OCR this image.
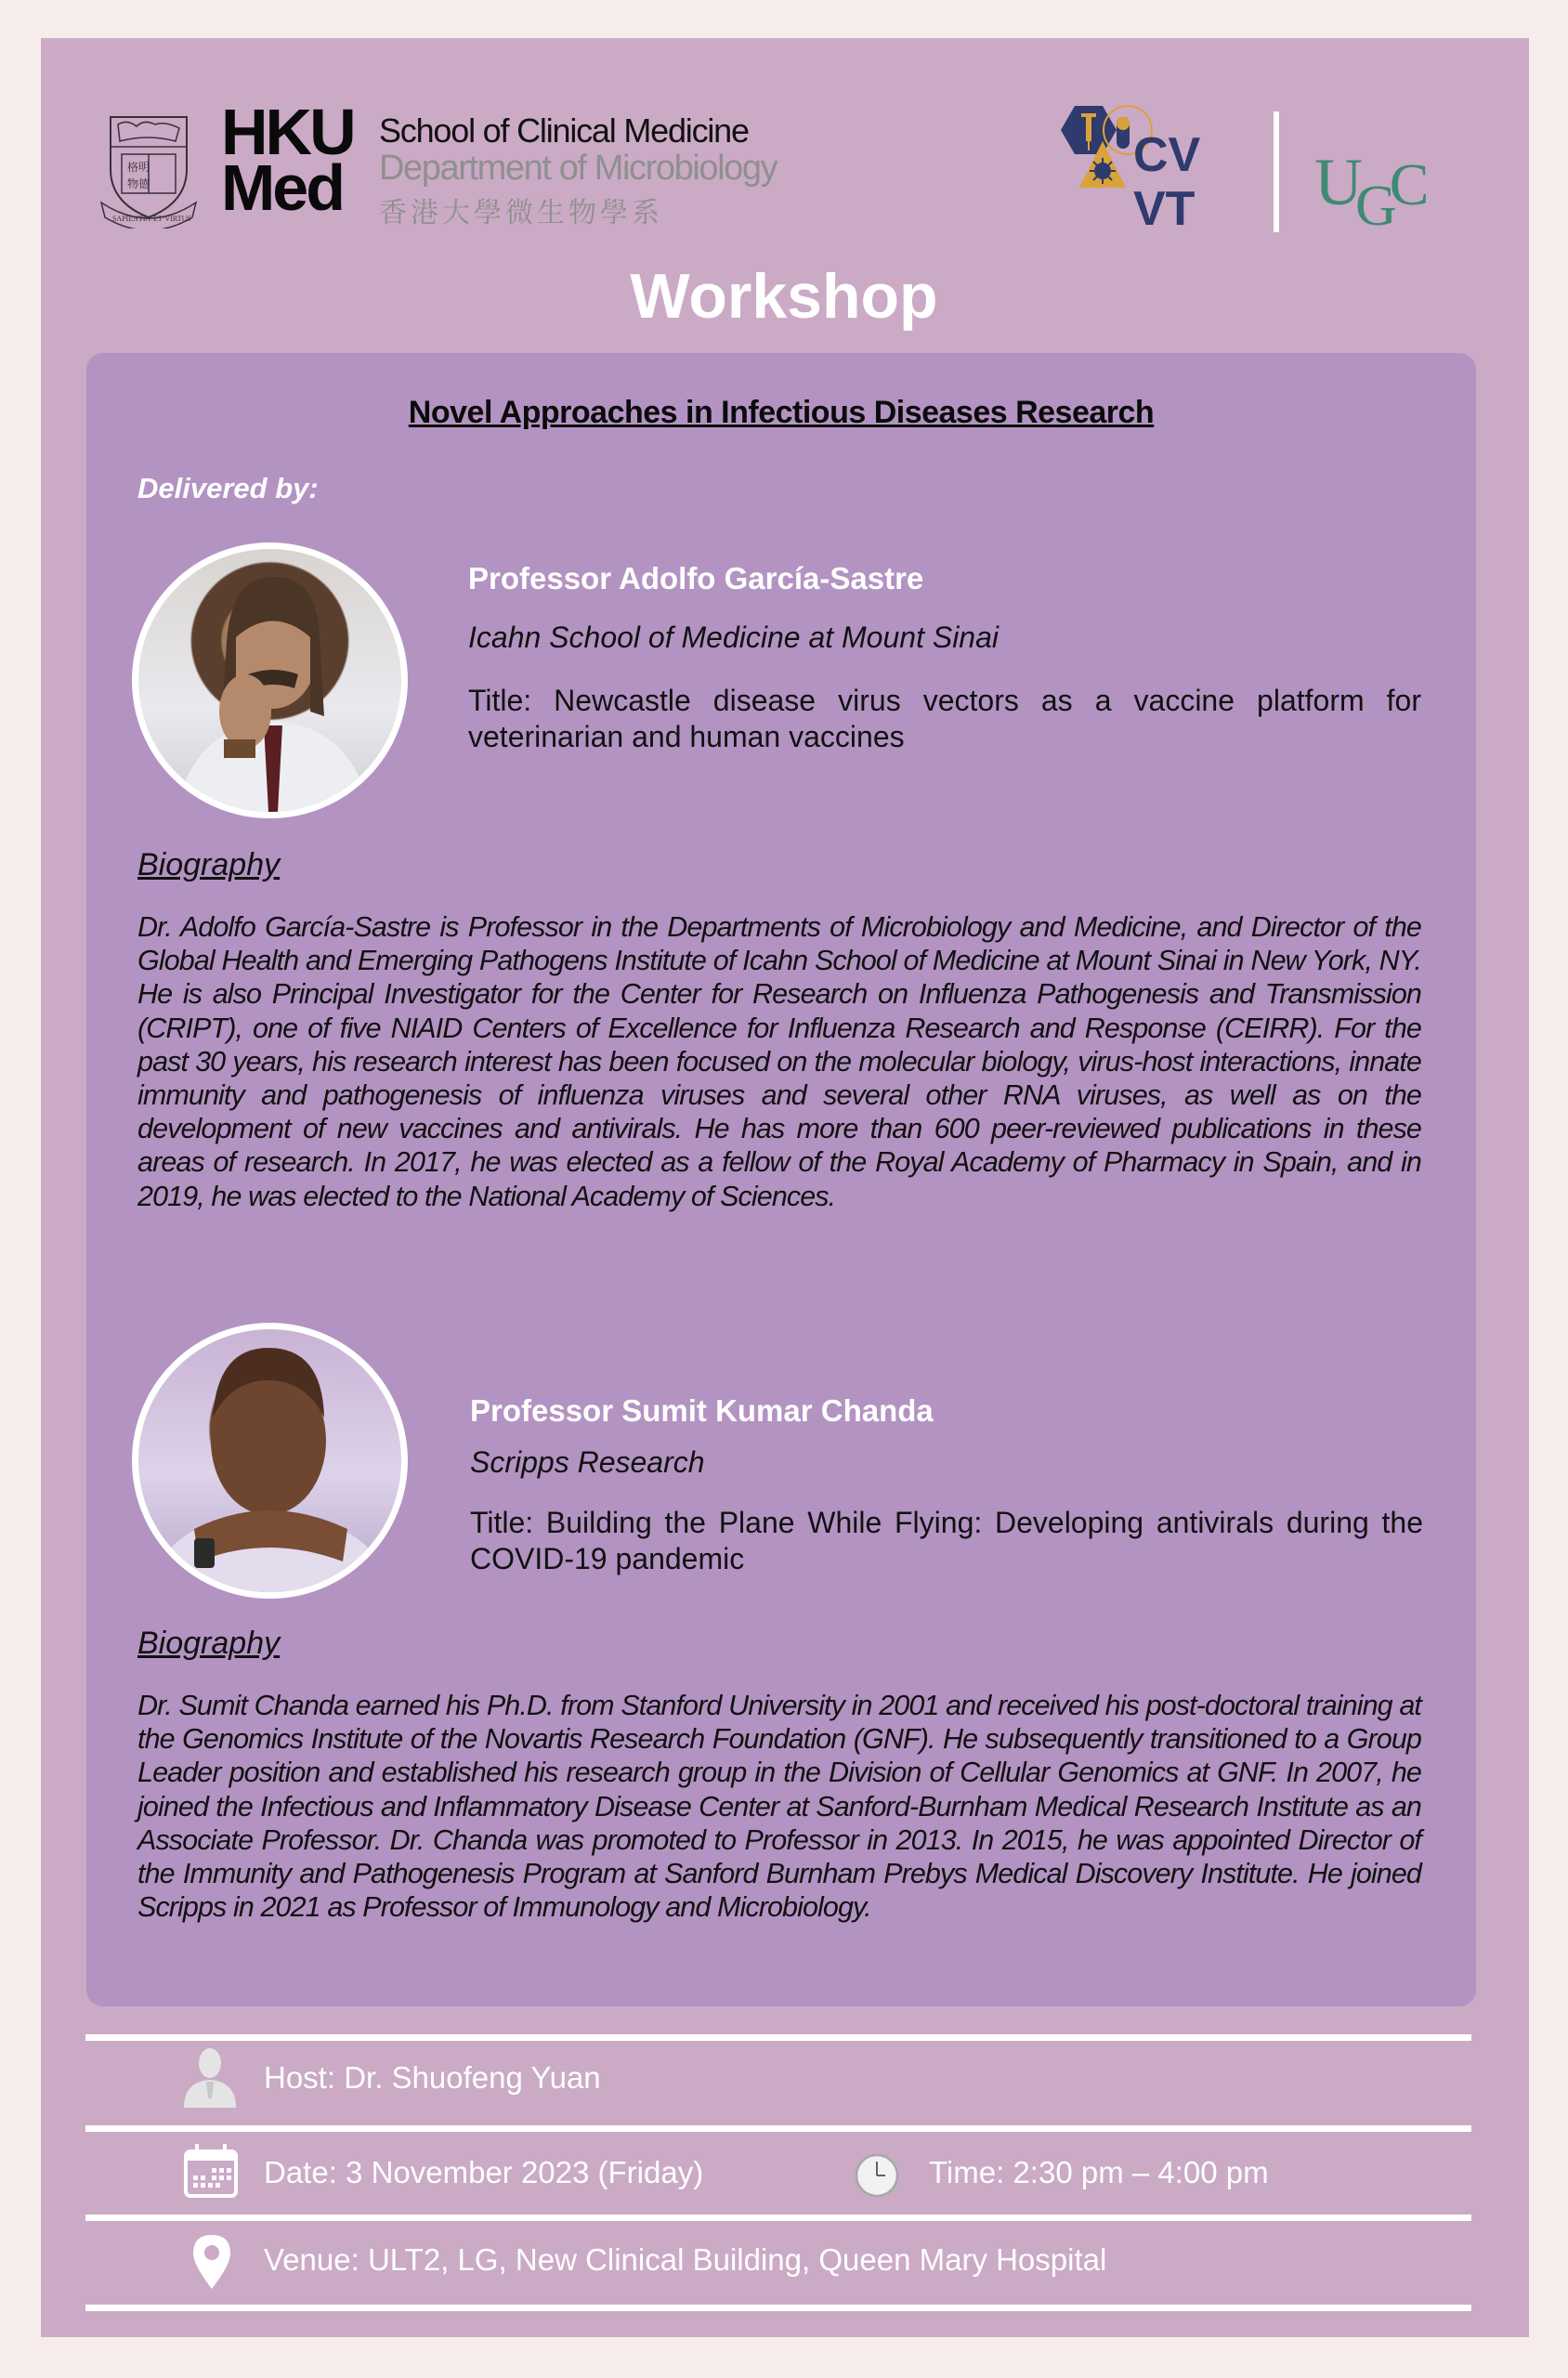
格明
物德
SAPIENTIA·ET·VIRTUS
HKU
Med
School of Clinical Medicine
Department of Microbiology
香港大學微生物學系
CV
VT UGC
Workshop
Novel Approaches in Infectious Diseases Research
Delivered by:
Professor Adolfo García-Sastre
Icahn School of Medicine at Mount Sinai
Title: Newcastle disease virus vectors as a vaccine platform for veterinarian and human vaccines
Biography
Dr. Adolfo García-Sastre is Professor in the Departments of Microbiology and Medicine, and Director of the Global Health and Emerging Pathogens Institute of Icahn School of Medicine at Mount Sinai in New York, NY. He is also Principal Investigator for the Center for Research on Influenza Pathogenesis and Transmission (CRIPT), one of five NIAID Centers of Excellence for Influenza Research and Response (CEIRR). For the past 30 years, his research interest has been focused on the molecular biology, virus-host interactions, innate immunity and pathogenesis of influenza viruses and several other RNA viruses, as well as on the development of new vaccines and antivirals. He has more than 600 peer-reviewed publications in these areas of research. In 2017, he was elected as a fellow of the Royal Academy of Pharmacy in Spain, and in 2019, he was elected to the National Academy of Sciences.
Professor Sumit Kumar Chanda
Scripps Research
Title: Building the Plane While Flying: Developing antivirals during the COVID-19 pandemic
Biography
Dr. Sumit Chanda earned his Ph.D. from Stanford University in 2001 and received his post-doctoral training at the Genomics Institute of the Novartis Research Foundation (GNF). He subsequently transitioned to a Group Leader position and established his research group in the Division of Cellular Genomics at GNF. In 2007, he joined the Infectious and Inflammatory Disease Center at Sanford-Burnham Medical Research Institute as an Associate Professor. Dr. Chanda was promoted to Professor in 2013. In 2015, he was appointed Director of the Immunity and Pathogenesis Program at Sanford Burnham Prebys Medical Discovery Institute. He joined Scripps in 2021 as Professor of Immunology and Microbiology.
Host: Dr. Shuofeng Yuan
Date: 3 November 2023 (Friday)	Time: 2:30 pm – 4:00 pm
Venue: ULT2, LG, New Clinical Building, Queen Mary Hospital
